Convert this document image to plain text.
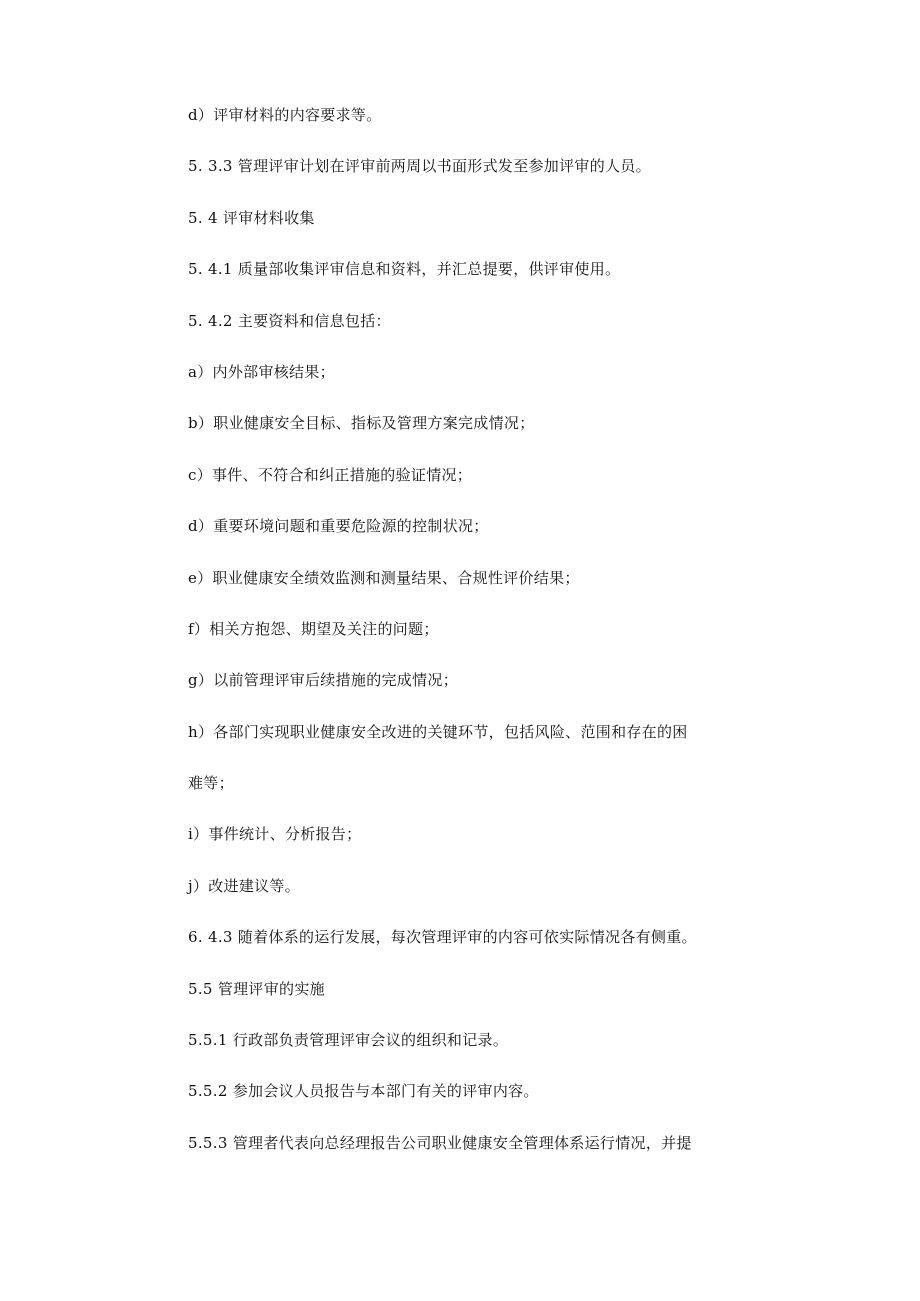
d）评审材料的内容要求等。
5. 3.3 管理评审计划在评审前两周以书面形式发至参加评审的人员。
5. 4 评审材料收集
5. 4.1 质量部收集评审信息和资料，并汇总提要，供评审使用。
5. 4.2 主要资料和信息包括：
a）内外部审核结果；
b）职业健康安全目标、指标及管理方案完成情况；
c）事件、不符合和纠正措施的验证情况；
d）重要环境问题和重要危险源的控制状况；
e）职业健康安全绩效监测和测量结果、合规性评价结果；
f）相关方抱怨、期望及关注的问题；
g）以前管理评审后续措施的完成情况；
h）各部门实现职业健康安全改进的关键环节，包括风险、范围和存在的困
难等；
i）事件统计、分析报告；
j）改进建议等。
6. 4.3 随着体系的运行发展，每次管理评审的内容可依实际情况各有侧重。
5.5 管理评审的实施
5.5.1 行政部负责管理评审会议的组织和记录。
5.5.2 参加会议人员报告与本部门有关的评审内容。
5.5.3 管理者代表向总经理报告公司职业健康安全管理体系运行情况，并提
